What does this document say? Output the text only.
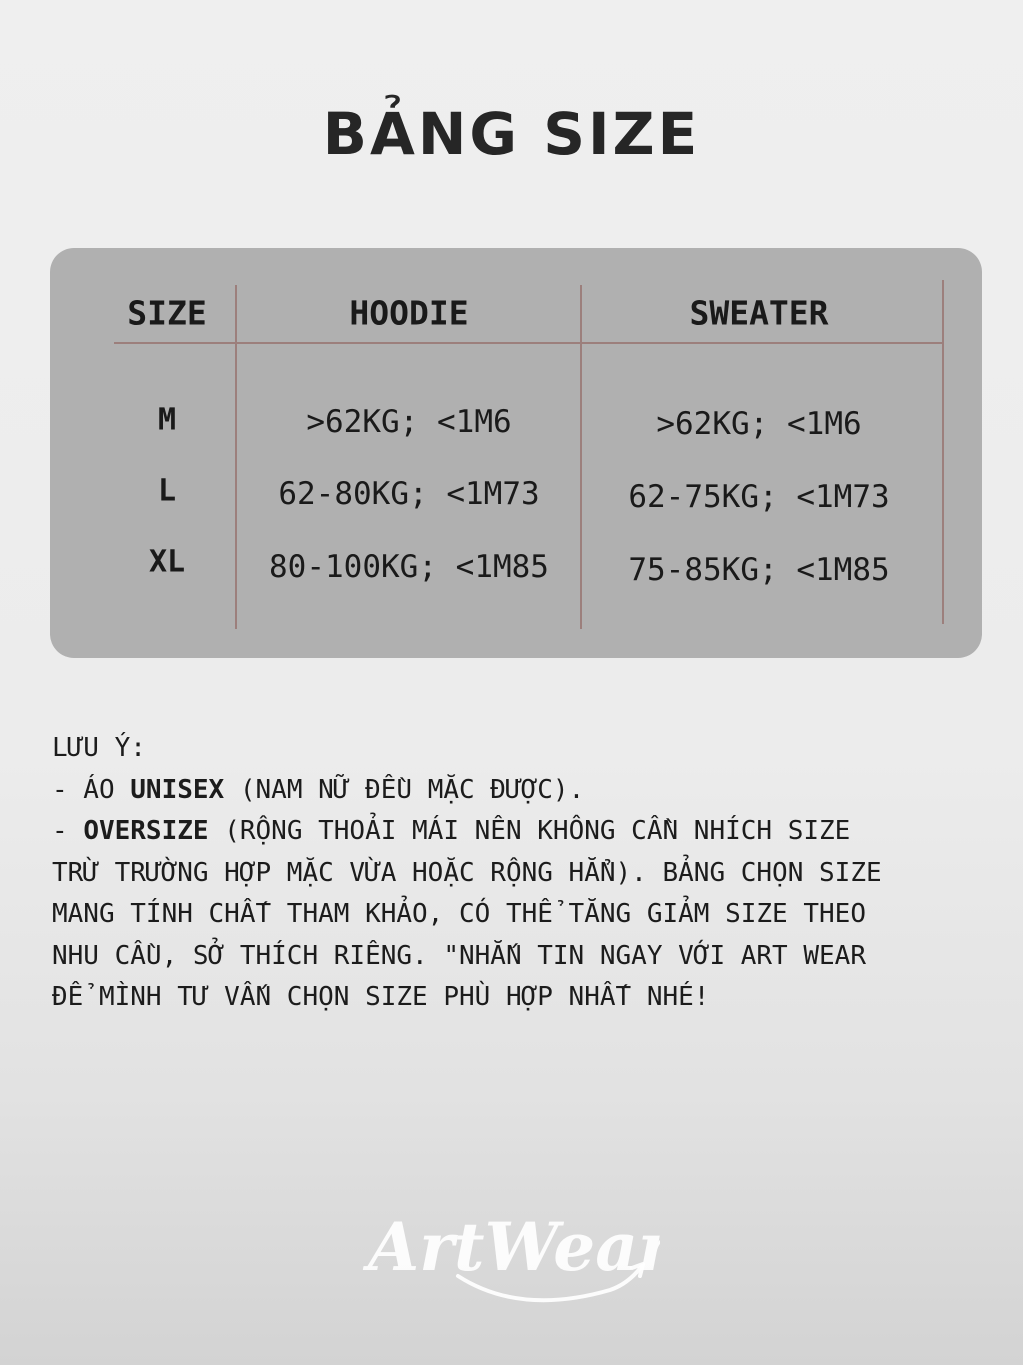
BẢNG SIZE
SIZE	HOODIE	SWEATER
M	>62KG; <1M6	>62KG; <1M6
L	62-80KG; <1M73	62-75KG; <1M73
XL	80-100KG; <1M85	75-85KG; <1M85

LƯU Ý:

- ÁO UNISEX (NAM NỮ ĐỀU MẶC ĐƯỢC).

- OVERSIZE (RỘNG THOẢI MÁI NÊN KHÔNG CẦN NHÍCH SIZE

TRỪ TRƯỜNG HỢP MẶC VỪA HOẶC RỘNG HẲN). BẢNG CHỌN SIZE

MANG TÍNH CHẤT THAM KHẢO, CÓ THỂ TĂNG GIẢM SIZE THEO

NHU CẦU, SỞ THÍCH RIÊNG. "NHẮN TIN NGAY VỚI ART WEAR

ĐỂ MÌNH TƯ VẤN CHỌN SIZE PHÙ HỢP NHẤT NHÉ!

ArtWear
